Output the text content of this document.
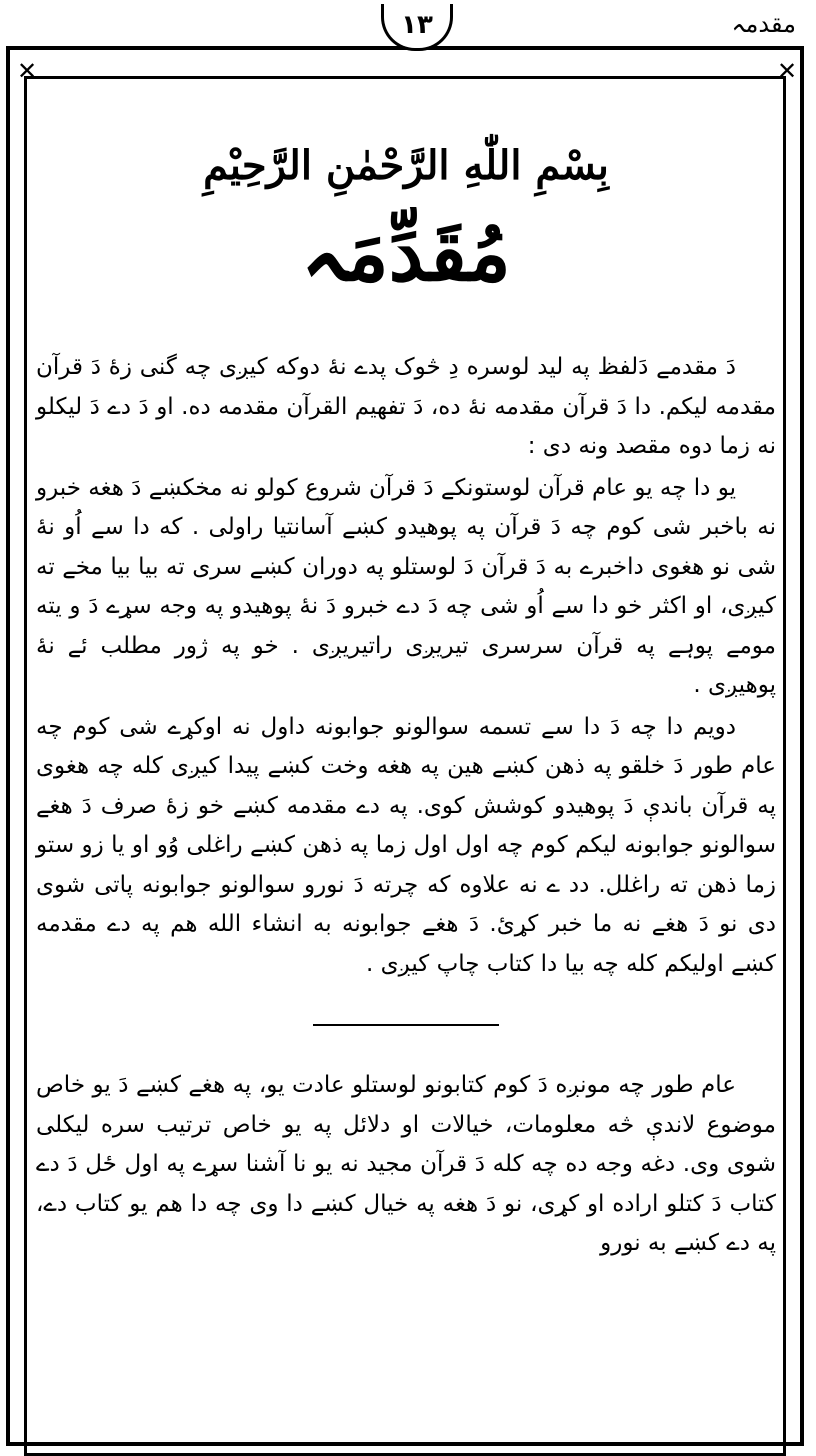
مقدمہ
۱۳
✕	✕
بِسْمِ اللّٰهِ الرَّحْمٰنِ الرَّحِيْمِ
مُقَدِّمَہ

دَ مقدمے دَلفظ په لید لوسره دِ څوک پدے نۀ دوکه کیږی چه گنی زهٔ دَ قرآن مقدمه لیکم. دا دَ قرآن مقدمه نۀ ده، دَ تفهیم القرآن مقدمه ده. او دَ دے دَ لیکلو نه زما دوه مقصد ونه دی :

یو دا چه یو عام قرآن لوستونکے دَ قرآن شروع کولو نه مخکښے دَ هغه خبرو نه باخبر شی کوم چه دَ قرآن په پوهیدو کښے آسانتیا راولی . که دا سے اُو نۀ شی نو هغوی داخبرے به دَ قرآن دَ لوستلو په دوران کښے سری ته بیا بیا مخے ته کیږی، او اکثر خو دا سے اُو شی چه دَ دے خبرو دَ نۀ پوهیدو په وجه سړے دَ و یته مومے پوہے په قرآن سرسری تیریږی راتیریږی . خو په ژور مطلب ئے نۀ پوهیږی .

دویم دا چه دَ دا سے تسمه سوالونو جوابونه داول نه اوکړے شی کوم چه عام طور دَ خلقو په ذهن کښے هین په هغه وخت کښے پیدا کیږی کله چه هغوی په قرآن باندې دَ پوهیدو کوشش کوی. په دے مقدمه کښے خو زهٔ صرف دَ هغے سوالونو جوابونه لیکم کوم چه اول اول زما په ذهن کښے راغلی وُو او یا زو ستو زما ذهن ته راغلل. دد ے نه علاوه که چرته دَ نورو سوالونو جوابونه پاتی شوی دی نو دَ هغے نه ما خبر کړئ. دَ هغے جوابونه به انشاء الله هم په دے مقدمه کښے اولیکم کله چه بیا دا کتاب چاپ کیږی .

عام طور چه مونږه دَ کوم کتابونو لوستلو عادت یو، په هغے کښے دَ یو خاص موضوع لاندې څه معلومات، خیالات او دلائل په یو خاص ترتیب سره لیکلی شوی وی. دغه وجه ده چه کله دَ قرآن مجید نه یو نا آشنا سړے په اول ځل دَ دے کتاب دَ کتلو اراده او کړی، نو دَ هغه په خیال کښے دا وی چه دا هم یو کتاب دے، په دے کښے به نورو
